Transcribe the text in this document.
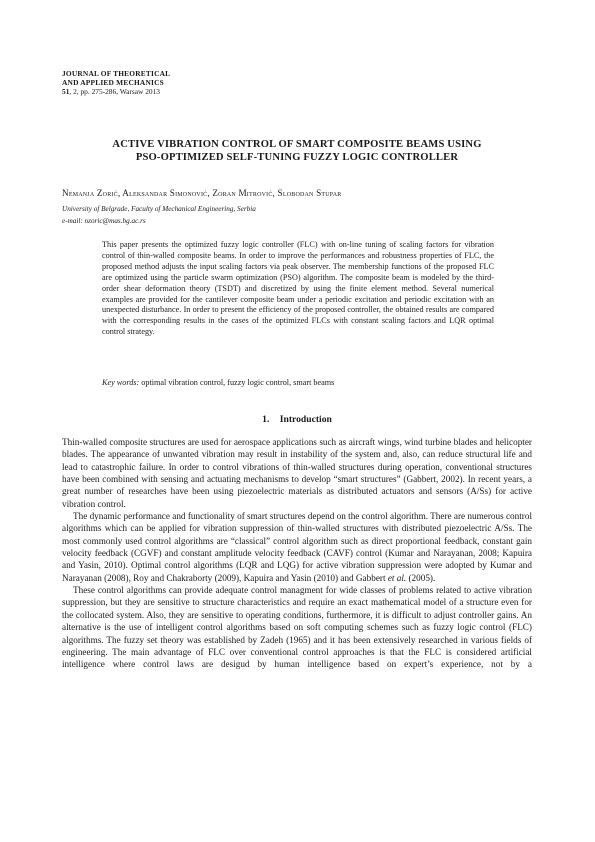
JOURNAL OF THEORETICAL
AND APPLIED MECHANICS
51, 2, pp. 275-286, Warsaw 2013
ACTIVE VIBRATION CONTROL OF SMART COMPOSITE BEAMS USING
PSO-OPTIMIZED SELF-TUNING FUZZY LOGIC CONTROLLER
Nemanja Zorić, Aleksandar Simonović, Zoran Mitrović, Slobodan Stupar
University of Belgrade, Faculty of Mechanical Engineering, Serbia
e-mail: nzoric@mas.bg.ac.rs

This paper presents the optimized fuzzy logic controller (FLC) with on-line tuning of scaling factors for vibration control of thin-walled composite beams. In order to improve the performances and robustness properties of FLC, the proposed method adjusts the input scaling factors via peak observer. The membership functions of the proposed FLC are optimized using the particle swarm optimization (PSO) algorithm. The composite beam is modeled by the third-order shear deformation theory (TSDT) and discretized by using the finite element method. Several numerical examples are provided for the cantilever composite beam under a periodic excitation and periodic excitation with an unexpected disturbance. In order to present the efficiency of the proposed controller, the obtained results are compared with the corresponding results in the cases of the optimized FLCs with constant scaling factors and LQR optimal control strategy.

Key words: optimal vibration control, fuzzy logic control, smart beams
1. Introduction

Thin-walled composite structures are used for aerospace applications such as aircraft wings, wind turbine blades and helicopter blades. The appearance of unwanted vibration may result in instability of the system and, also, can reduce structural life and lead to catastrophic failure. In order to control vibrations of thin-walled structures during operation, conventional structures have been combined with sensing and actuating mechanisms to develop “smart structures” (Gabbert, 2002). In recent years, a great number of researches have been using piezoelectric materials as distributed actuators and sensors (A/Ss) for active vibration control.

The dynamic performance and functionality of smart structures depend on the control algorithm. There are numerous control algorithms which can be applied for vibration suppression of thin-walled structures with distributed piezoelectric A/Ss. The most commonly used control algorithms are “classical” control algorithm such as direct proportional feedback, constant gain velocity feedback (CGVF) and constant amplitude velocity feedback (CAVF) control (Kumar and Narayanan, 2008; Kapuira and Yasin, 2010). Optimal control algorithms (LQR and LQG) for active vibration suppression were adopted by Kumar and Narayanan (2008), Roy and Chakraborty (2009), Kapuira and Yasin (2010) and Gabbert et al. (2005).

These control algorithms can provide adequate control managment for wide classes of problems related to active vibration suppression, but they are sensitive to structure characteristics and require an exact mathematical model of a structure even for the collocated system. Also, they are sensitive to operating conditions, furthermore, it is difficult to adjust controller gains. An alternative is the use of intelligent control algorithms based on soft computing schemes such as fuzzy logic control (FLC) algorithms. The fuzzy set theory was established by Zadeh (1965) and it has been extensively researched in various fields of engineering. The main advantage of FLC over conventional control approaches is that the FLC is considered artificial intelligence where control laws are desigud by human intelligence based on expert’s experience, not by a
